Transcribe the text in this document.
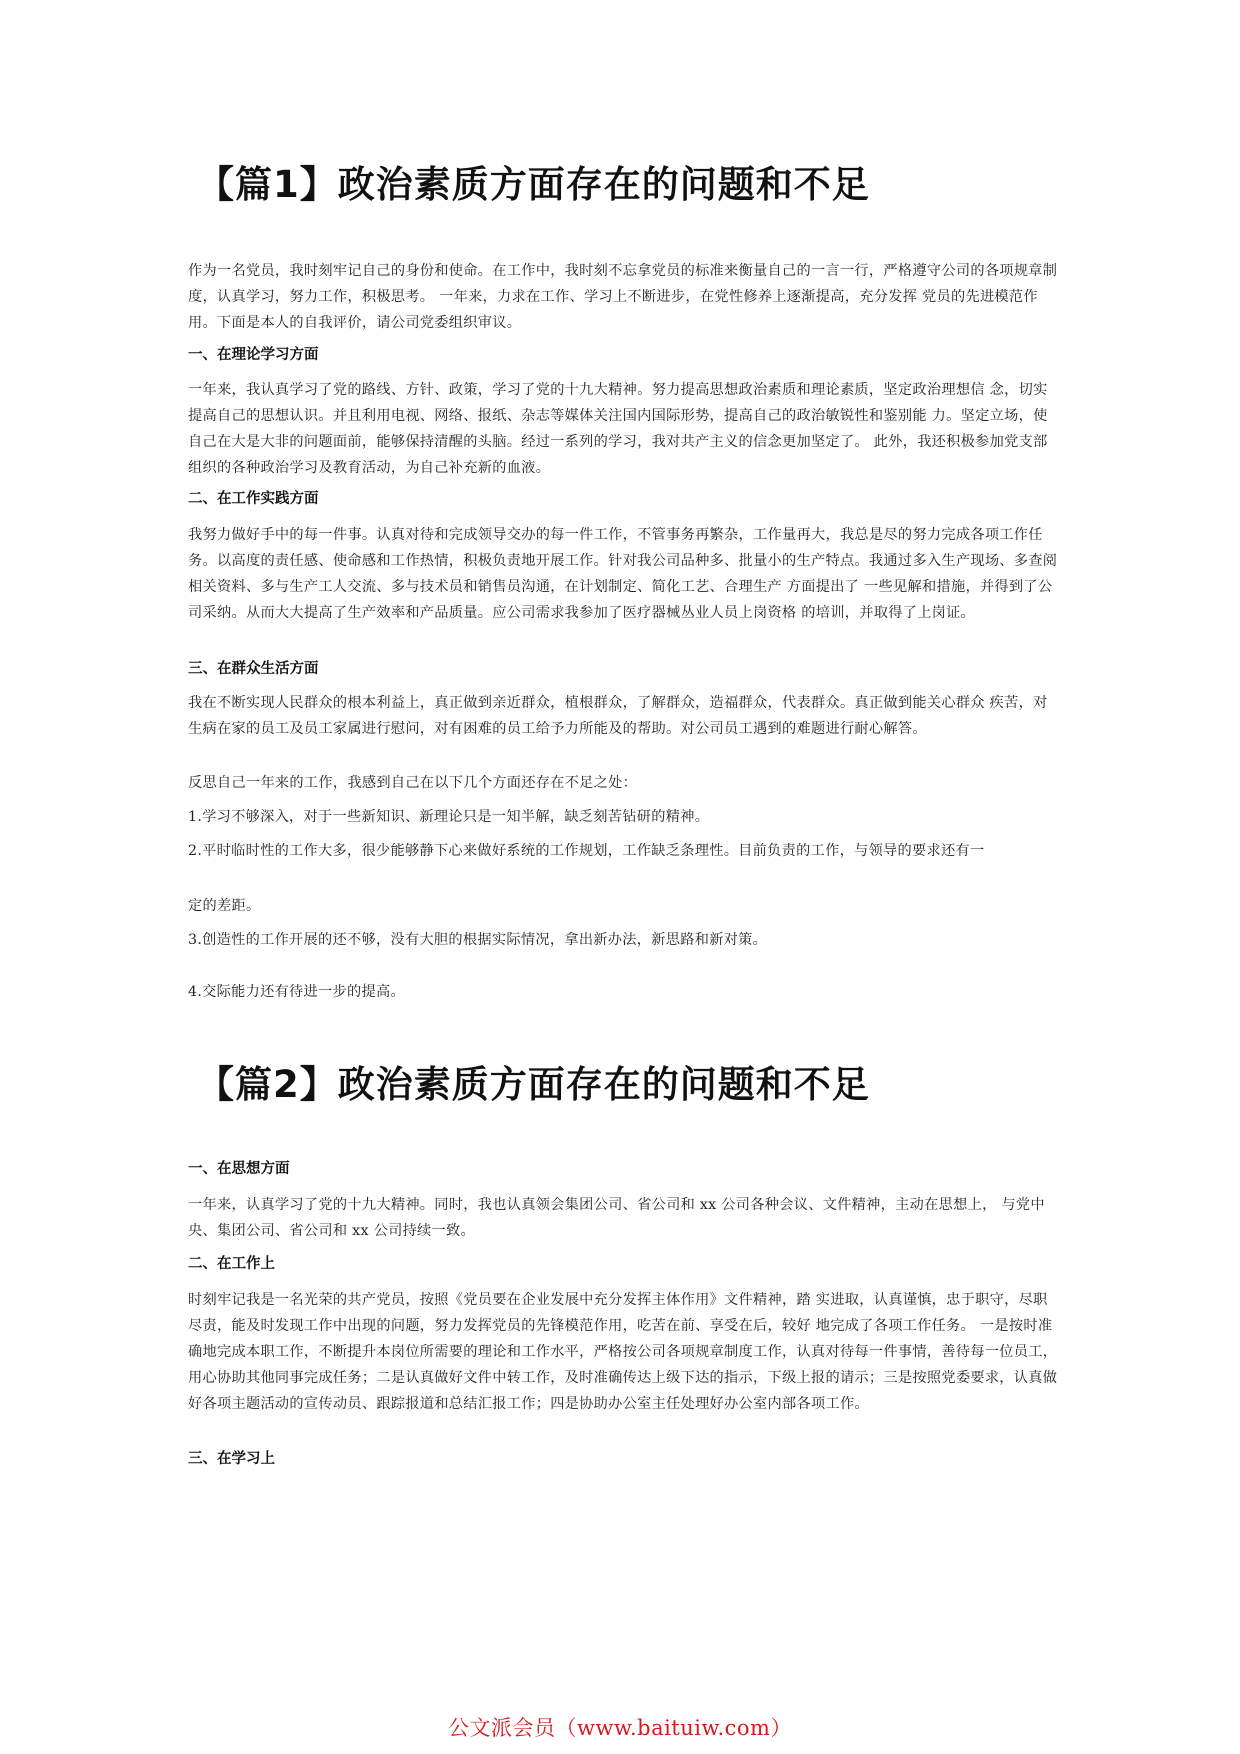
【篇1】政治素质方面存在的问题和不足

作为一名党员，我时刻牢记自己的身份和使命。在工作中，我时刻不忘拿党员的标准来衡量自己的一言一行，严格遵守公司的各项规章制度，认真学习，努力工作，积极思考。 一年来，力求在工作、学习上不断进步，在党性修养上逐渐提高，充分发挥 党员的先进模范作用。下面是本人的自我评价，请公司党委组织审议。

一、在理论学习方面

一年来，我认真学习了党的路线、方针、政策，学习了党的十九大精神。努力提高思想政治素质和理论素质，坚定政治理想信 念，切实提高自己的思想认识。并且利用电视、网络、报纸、杂志等媒体关注国内国际形势，提高自己的政治敏锐性和鉴别能 力。坚定立场，使自己在大是大非的问题面前，能够保持清醒的头脑。经过一系列的学习，我对共产主义的信念更加坚定了。 此外，我还积极参加党支部组织的各种政治学习及教育活动，为自己补充新的血液。

二、在工作实践方面

我努力做好手中的每一件事。认真对待和完成领导交办的每一件工作，不管事务再繁杂，工作量再大，我总是尽的努力完成各项工作任务。以高度的责任感、使命感和工作热情，积极负责地开展工作。针对我公司品种多、批量小的生产特点。我通过多入生产现场、多查阅相关资料、多与生产工人交流、多与技术员和销售员沟通，在计划制定、简化工艺、合理生产 方面提出了 一些见解和措施，并得到了公司采纳。从而大大提高了生产效率和产品质量。应公司需求我参加了医疗器械丛业人员上岗资格 的培训，并取得了上岗证。

三、在群众生活方面

我在不断实现人民群众的根本利益上，真正做到亲近群众，植根群众，了解群众，造福群众，代表群众。真正做到能关心群众 疾苦，对生病在家的员工及员工家属进行慰问，对有困难的员工给予力所能及的帮助。对公司员工遇到的难题进行耐心解答。

反思自己一年来的工作，我感到自己在以下几个方面还存在不足之处：

1.学习不够深入，对于一些新知识、新理论只是一知半解，缺乏刻苦钻研的精神。

2.平时临时性的工作大多，很少能够静下心来做好系统的工作规划，工作缺乏条理性。目前负责的工作，与领导的要求还有一

定的差距。

3.创造性的工作开展的还不够，没有大胆的根据实际情况，拿出新办法，新思路和新对策。

4.交际能力还有待进一步的提高。

【篇2】政治素质方面存在的问题和不足

一、在思想方面

一年来，认真学习了党的十九大精神。同时，我也认真领会集团公司、省公司和 xx 公司各种会议、文件精神，主动在思想上， 与党中央、集团公司、省公司和 xx 公司持续一致。

二、在工作上

时刻牢记我是一名光荣的共产党员，按照《党员要在企业发展中充分发挥主体作用》文件精神，踏 实进取，认真谨慎，忠于职守，尽职尽责，能及时发现工作中出现的问题，努力发挥党员的先锋模范作用，吃苦在前、享受在后，较好 地完成了各项工作任务。 一是按时准确地完成本职工作，不断提升本岗位所需要的理论和工作水平，严格按公司各项规章制度工作，认真对待每一件事情，善待每一位员工，用心协助其他同事完成任务；二是认真做好文件中转工作，及时准确传达上级下达的指示，下级上报的请示；三是按照党委要求，认真做好各项主题活动的宣传动员、跟踪报道和总结汇报工作；四是协助办公室主任处理好办公室内部各项工作。

三、在学习上

公文派会员（www.baituiw.com）
